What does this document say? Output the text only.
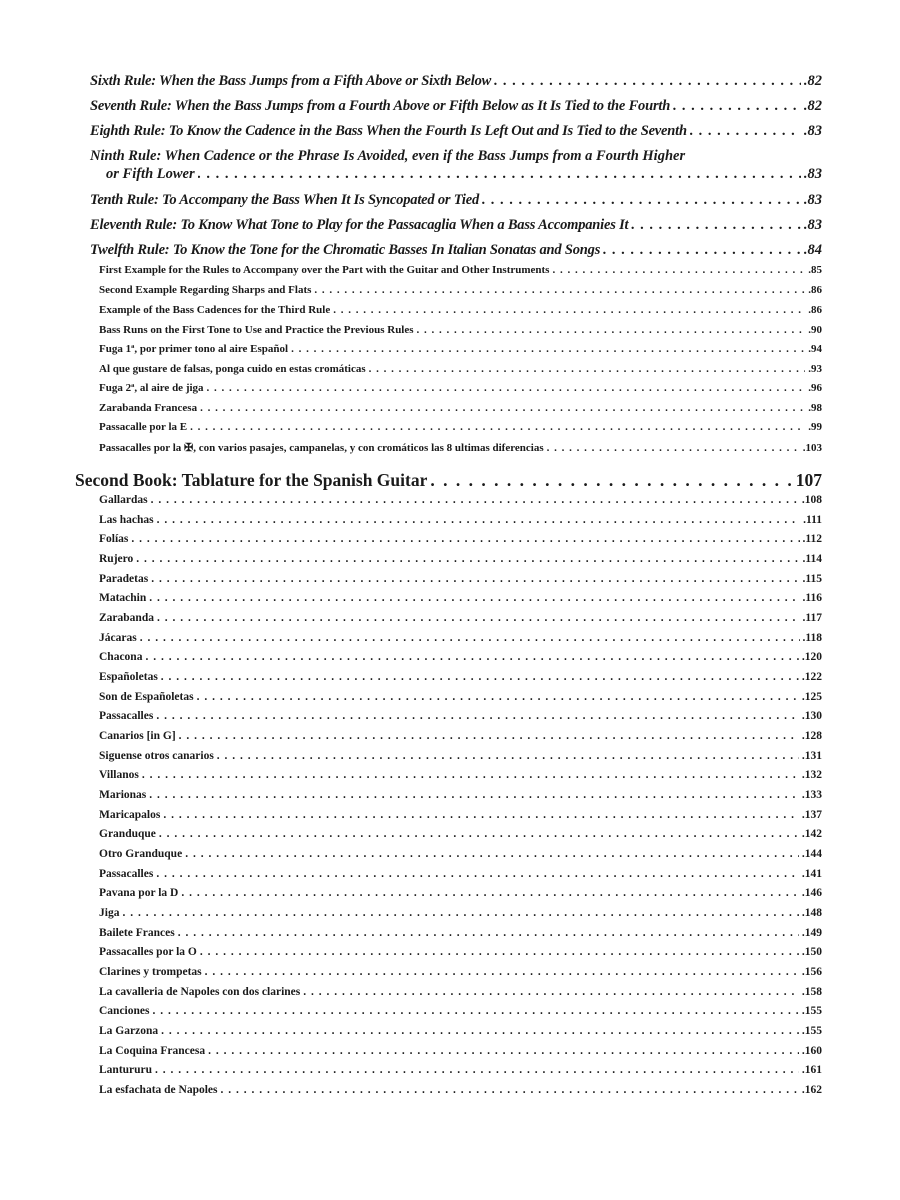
Sixth Rule: When the Bass Jumps from a Fifth Above or Sixth Below . . .	.82
Seventh Rule: When the Bass Jumps from a Fourth Above or Fifth Below as It Is Tied to the Fourth . . .	.82
Eighth Rule: To Know the Cadence in the Bass When the Fourth Is Left Out and Is Tied to the Seventh . . .	.83
Ninth Rule: When Cadence or the Phrase Is Avoided, even if the Bass Jumps from a Fourth Higher
or Fifth Lower . . .	.83
Tenth Rule: To Accompany the Bass When It Is Syncopated or Tied . . .	.83
Eleventh Rule: To Know What Tone to Play for the Passacaglia When a Bass Accompanies It . . .	.83
Twelfth Rule: To Know the Tone for the Chromatic Basses In Italian Sonatas and Songs . . .	.84
First Example for the Rules to Accompany over the Part with the Guitar and Other Instruments . . .	.85
Second Example Regarding Sharps and Flats . . .	.86
Example of the Bass Cadences for the Third Rule . . .	.86
Bass Runs on the First Tone to Use and Practice the Previous Rules . . .	.90
Fuga 1ª, por primer tono al aire Español . . .	.94
Al que gustare de falsas, ponga cuido en estas cromáticas . . .	.93
Fuga 2ª, al aire de jiga . . .	.96
Zarabanda Francesa . . .	.98
Passacalle por la E . . .	.99
Passacalles por la ✠, con varios pasajes, campanelas, y con cromáticos las 8 ultimas diferencias . . .	.103
Second Book: Tablature for the Spanish Guitar . . .	107
Gallardas . . .	.108
Las hachas . . .	.111
Folías . . .	.112
Rujero . . .	.114
Paradetas . . .	.115
Matachin . . .	.116
Zarabanda . . .	.117
Jácaras . . .	.118
Chacona . . .	.120
Españoletas . . .	.122
Son de Españoletas . . .	.125
Passacalles . . .	.130
Canarios [in G] . . .	.128
Siguense otros canarios . . .	.131
Villanos . . .	.132
Marionas . . .	.133
Maricapalos . . .	.137
Granduque . . .	.142
Otro Granduque . . .	.144
Passacalles . . .	.141
Pavana por la D . . .	.146
Jiga . . .	.148
Bailete Frances . . .	.149
Passacalles por la O . . .	.150
Clarines y trompetas . . .	.156
La cavalleria de Napoles con dos clarines . . .	.158
Canciones . . .	.155
La Garzona . . .	.155
La Coquina Francesa . . .	.160
Lantururu . . .	.161
La esfachata de Napoles . . .	.162
